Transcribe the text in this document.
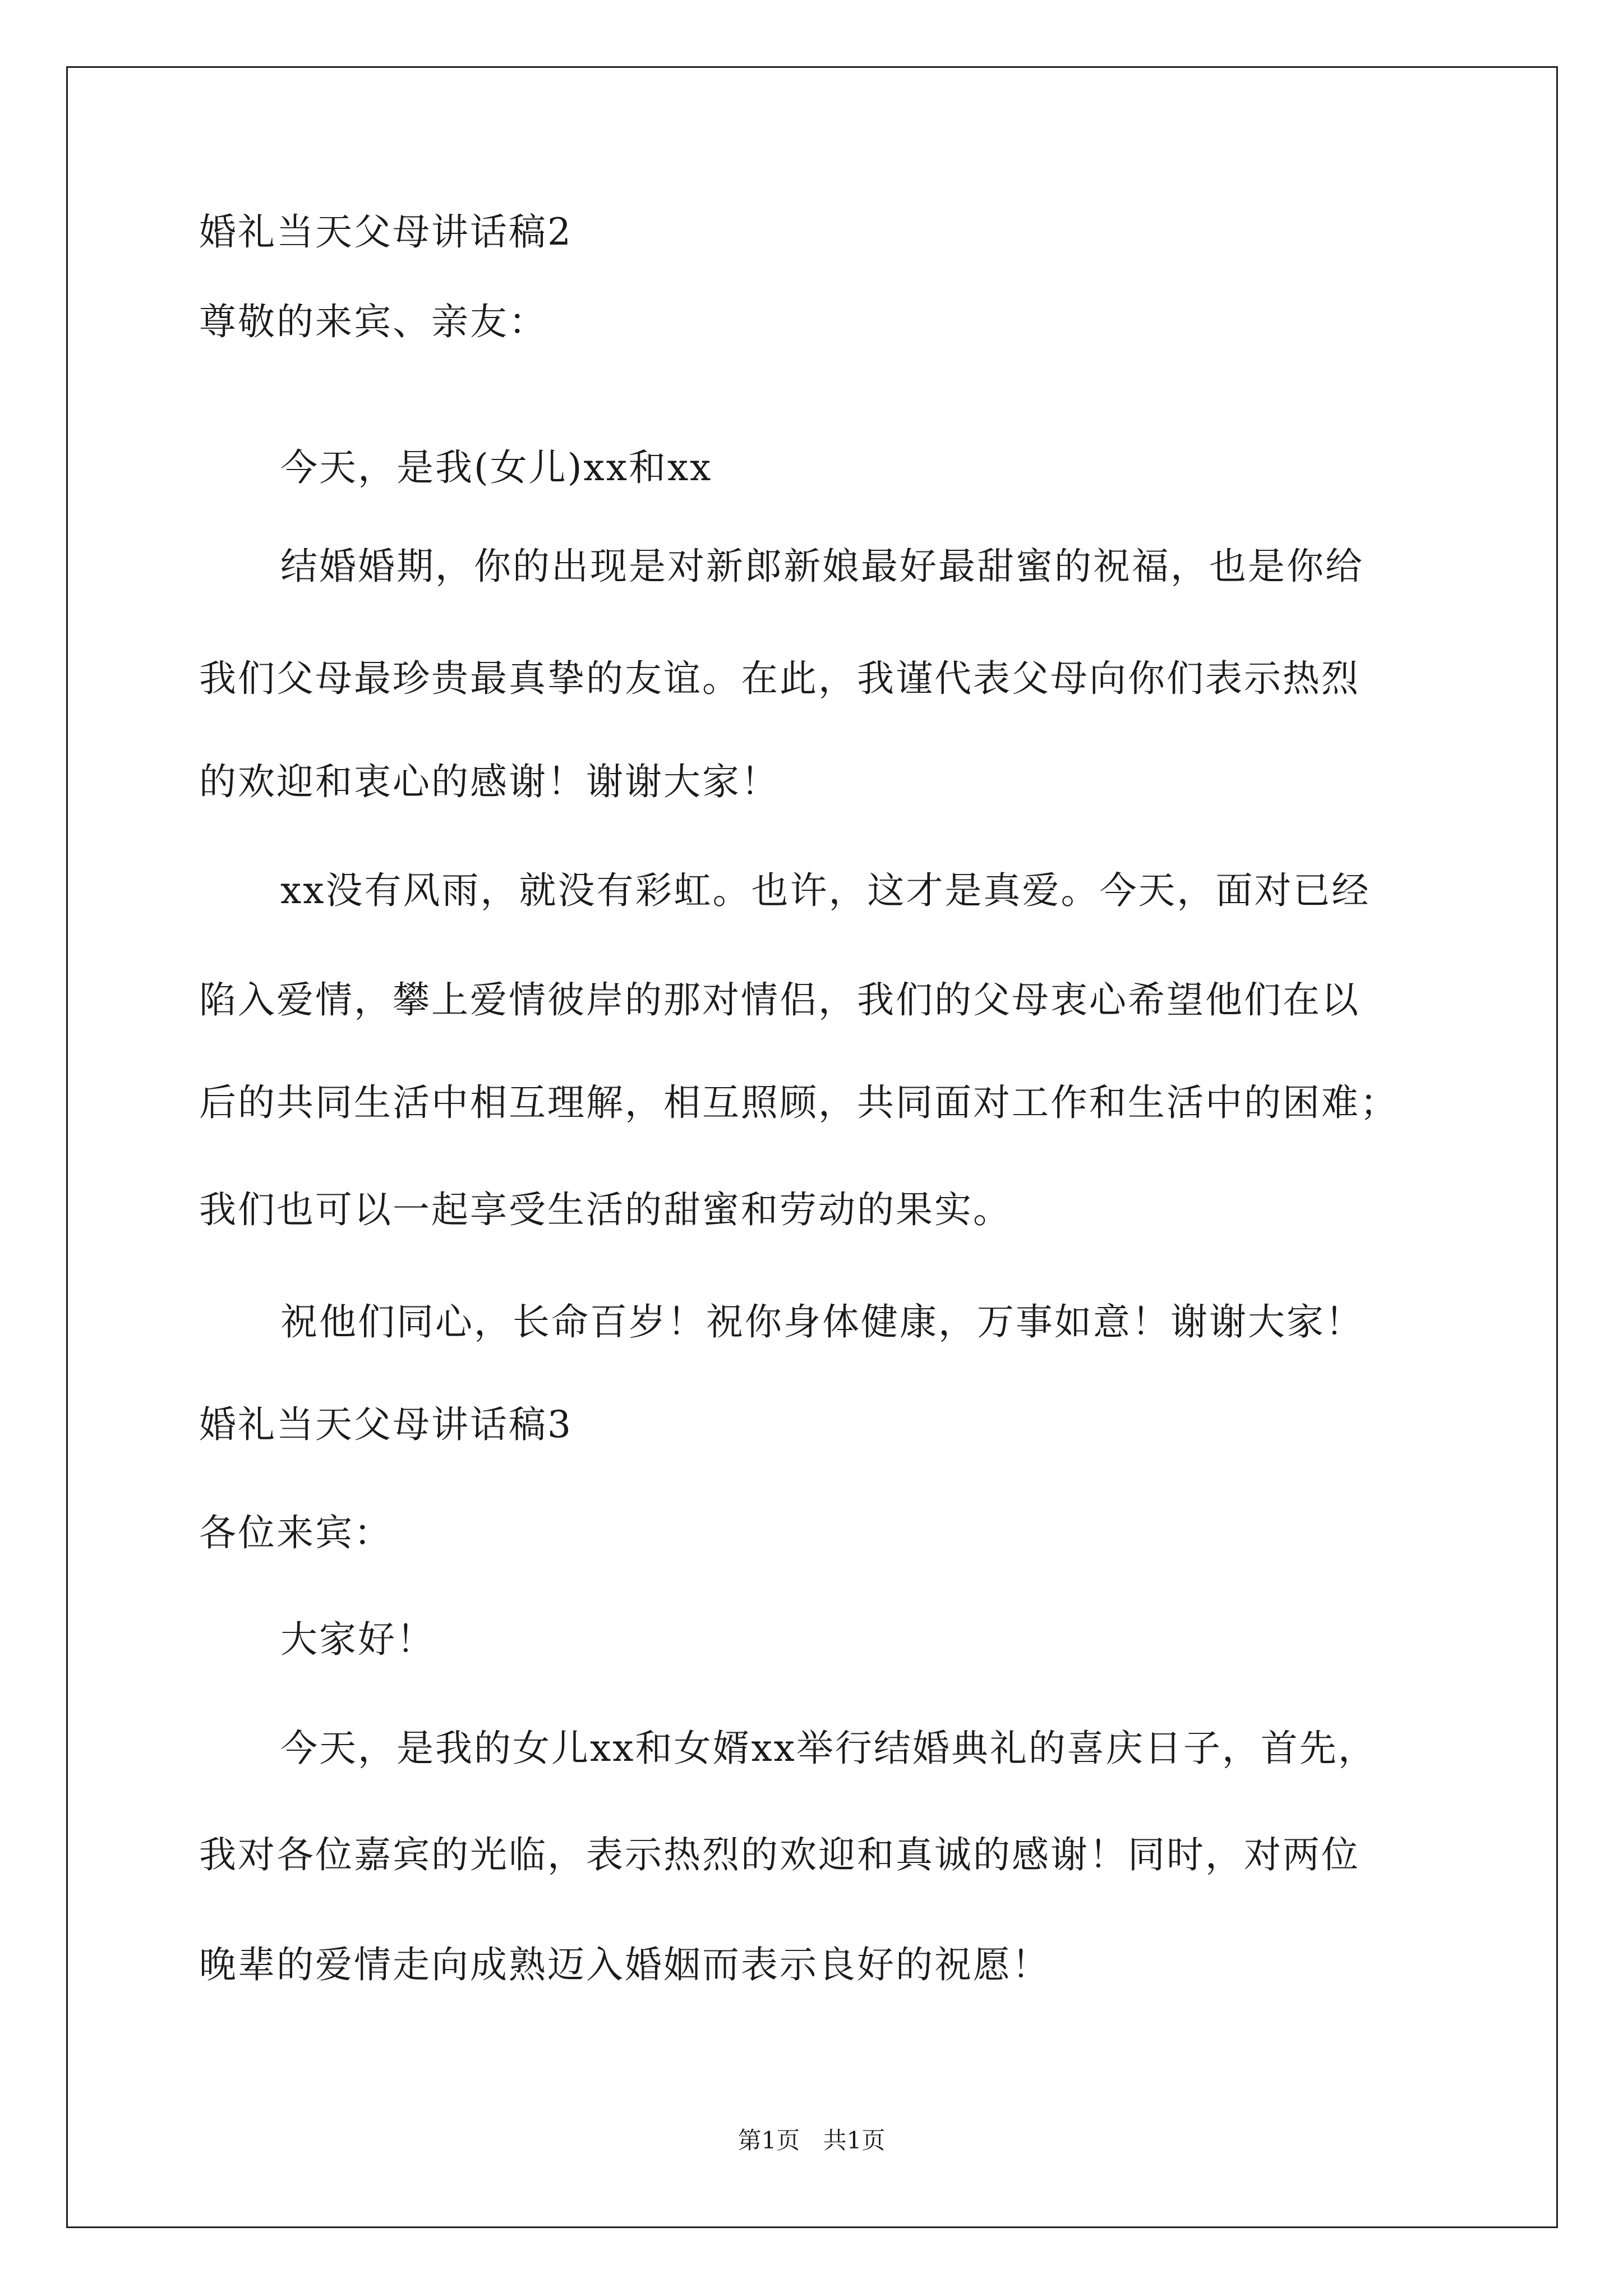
婚礼当天父母讲话稿2
尊敬的来宾、亲友：
今天，是我(女儿)xx和xx
结婚婚期，你的出现是对新郎新娘最好最甜蜜的祝福，也是你给
我们父母最珍贵最真挚的友谊。在此，我谨代表父母向你们表示热烈
的欢迎和衷心的感谢！谢谢大家！
xx没有风雨，就没有彩虹。也许，这才是真爱。今天，面对已经
陷入爱情，攀上爱情彼岸的那对情侣，我们的父母衷心希望他们在以
后的共同生活中相互理解，相互照顾，共同面对工作和生活中的困难；
我们也可以一起享受生活的甜蜜和劳动的果实。
祝他们同心，长命百岁！祝你身体健康，万事如意！谢谢大家！
婚礼当天父母讲话稿3
各位来宾：
大家好！
今天，是我的女儿xx和女婿xx举行结婚典礼的喜庆日子，首先，
我对各位嘉宾的光临，表示热烈的欢迎和真诚的感谢！同时，对两位
晚辈的爱情走向成熟迈入婚姻而表示良好的祝愿！
第1页 共1页
